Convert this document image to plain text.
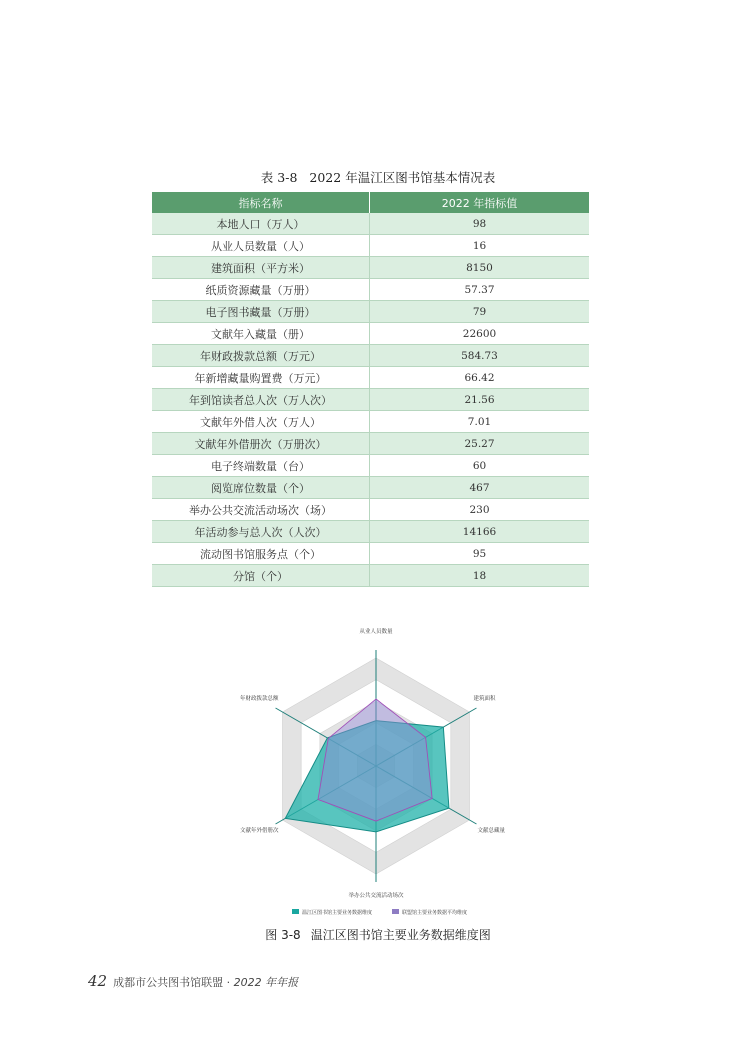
表 3-8 2022 年温江区图书馆基本情况表
指标名称	2022 年指标值
本地人口（万人）	98
从业人员数量（人）	16
建筑面积（平方米）	8150
纸质资源藏量（万册）	57.37
电子图书藏量（万册）	79
文献年入藏量（册）	22600
年财政拨款总额（万元）	584.73
年新增藏量购置费（万元）	66.42
年到馆读者总人次（万人次）	21.56
文献年外借人次（万人）	7.01
文献年外借册次（万册次）	25.27
电子终端数量（台）	60
阅览席位数量（个）	467
举办公共交流活动场次（场）	230
年活动参与总人次（人次）	14166
流动图书馆服务点（个）	95
分馆（个）	18
从业人员数量
建筑面积
文献总藏量
举办公共交流活动场次
文献年外借册次
年财政拨款总额
温江区图书馆主要业务数据维度	联盟馆主要业务数据平均维度
图 3-8 温江区图书馆主要业务数据维度图
42 成都市公共图书馆联盟 · 2022 年年报
